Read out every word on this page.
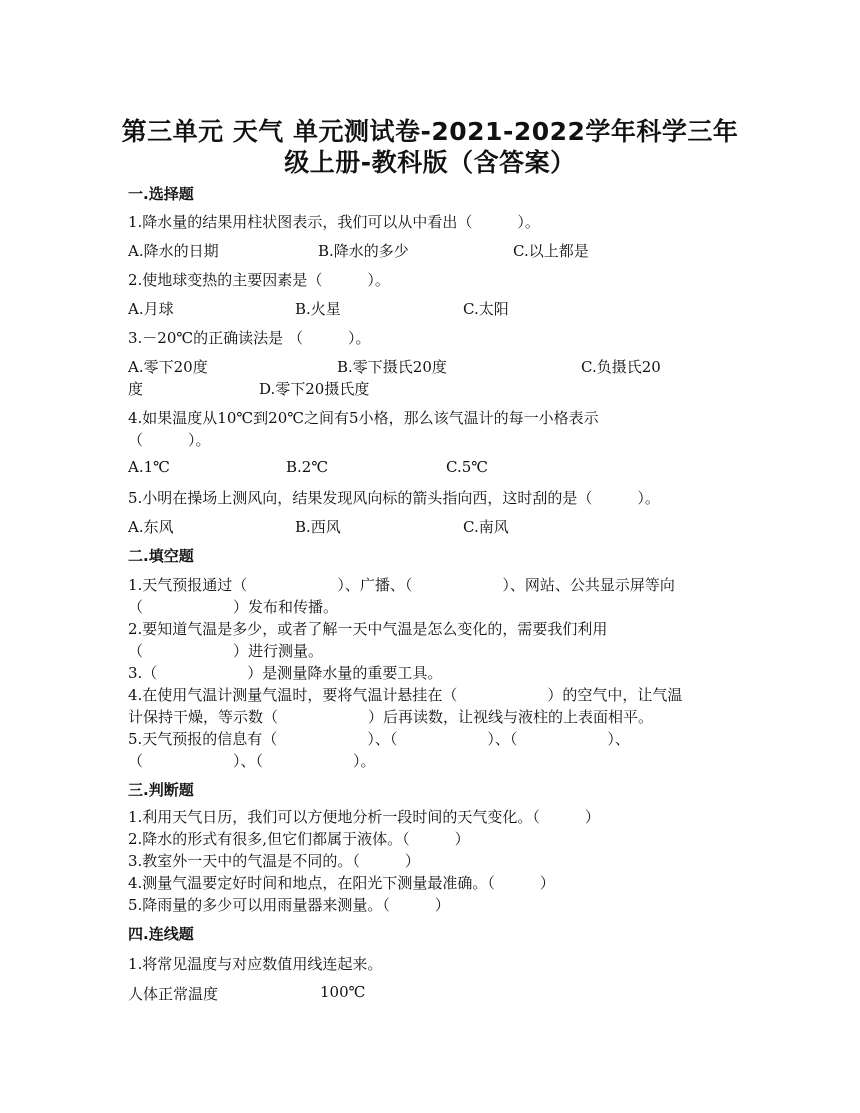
第三单元 天气 单元测试卷-2021-2022学年科学三年
级上册-教科版（含答案）
一.选择题
1.降水量的结果用柱状图表示，我们可以从中看出（　　　）。
A.降水的日期	B.降水的多少	C.以上都是
2.使地球变热的主要因素是（　　　）。
A.月球	B.火星	C.太阳
3.－20℃的正确读法是 （　　　）。
A.零下20度	B.零下摄氏20度	C.负摄氏20
度	D.零下20摄氏度
4.如果温度从10℃到20℃之间有5小格，那么该气温计的每一小格表示
（　　　）。
A.1℃	B.2℃	C.5℃
5.小明在操场上测风向，结果发现风向标的箭头指向西，这时刮的是（　　　）。
A.东风	B.西风	C.南风
二.填空题
1.天气预报通过（　　　　　　）、广播、（　　　　　　）、网站、公共显示屏等向
（　　　　　　）发布和传播。
2.要知道气温是多少，或者了解一天中气温是怎么变化的，需要我们利用
（　　　　　　）进行测量。
3.（　　　　　　）是测量降水量的重要工具。
4.在使用气温计测量气温时，要将气温计悬挂在（　　　　　　）的空气中，让气温
计保持干燥，等示数（　　　　　　）后再读数，让视线与液柱的上表面相平。
5.天气预报的信息有（　　　　　　）、（　　　　　　）、（　　　　　　）、
（　　　　　　）、（　　　　　　）。
三.判断题
1.利用天气日历，我们可以方便地分析一段时间的天气变化。（　　　）
2.降水的形式有很多,但它们都属于液体。（　　　）
3.教室外一天中的气温是不同的。（　　　）
4.测量气温要定好时间和地点，在阳光下测量最准确。（　　　）
5.降雨量的多少可以用雨量器来测量。（　　　）
四.连线题
1.将常见温度与对应数值用线连起来。
人体正常温度	100℃
